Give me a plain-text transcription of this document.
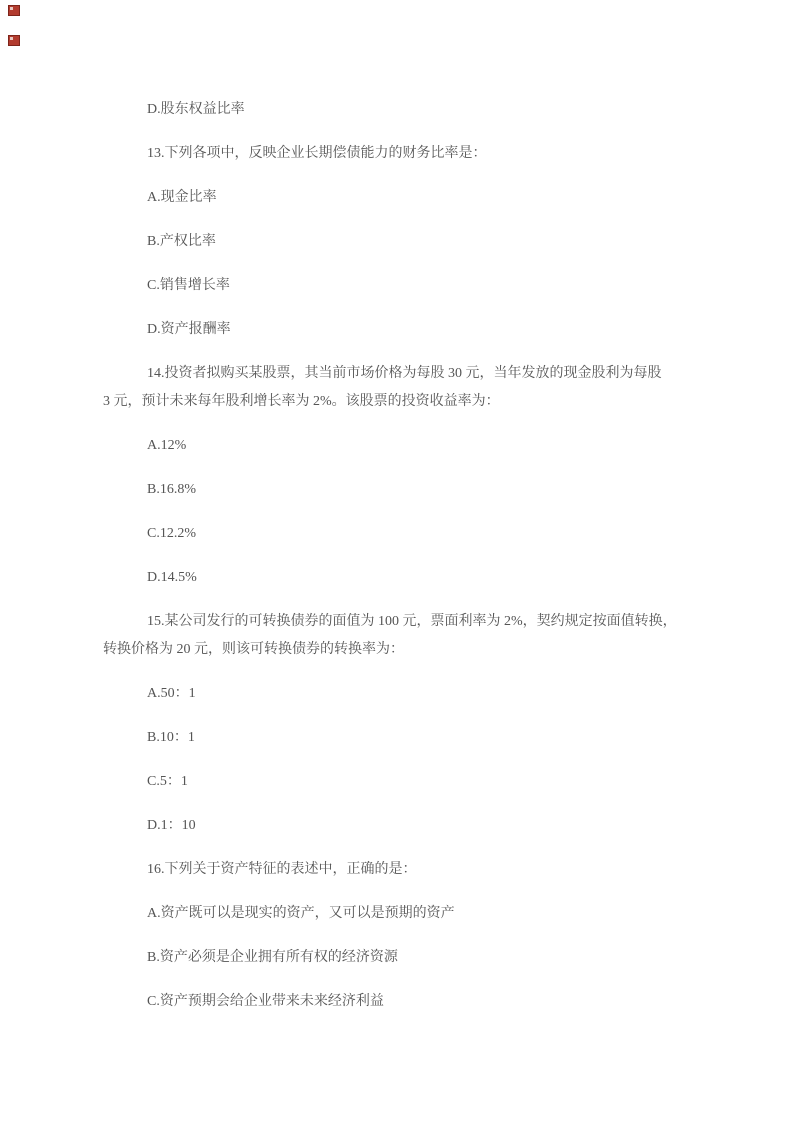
D.股东权益比率

13.下列各项中，反映企业长期偿债能力的财务比率是：

A.现金比率

B.产权比率

C.销售增长率

D.资产报酬率

14.投资者拟购买某股票，其当前市场价格为每股 30 元，当年发放的现金股利为每股 3 元，预计未来每年股利增长率为 2%。该股票的投资收益率为：

A.12%

B.16.8%

C.12.2%

D.14.5%

15.某公司发行的可转换债券的面值为 100 元，票面利率为 2%，契约规定按面值转换， 转换价格为 20 元，则该可转换债券的转换率为：

A.50：1

B.10：1

C.5：1

D.1：10

16.下列关于资产特征的表述中，正确的是：

A.资产既可以是现实的资产，又可以是预期的资产

B.资产必须是企业拥有所有权的经济资源

C.资产预期会给企业带来未来经济利益
